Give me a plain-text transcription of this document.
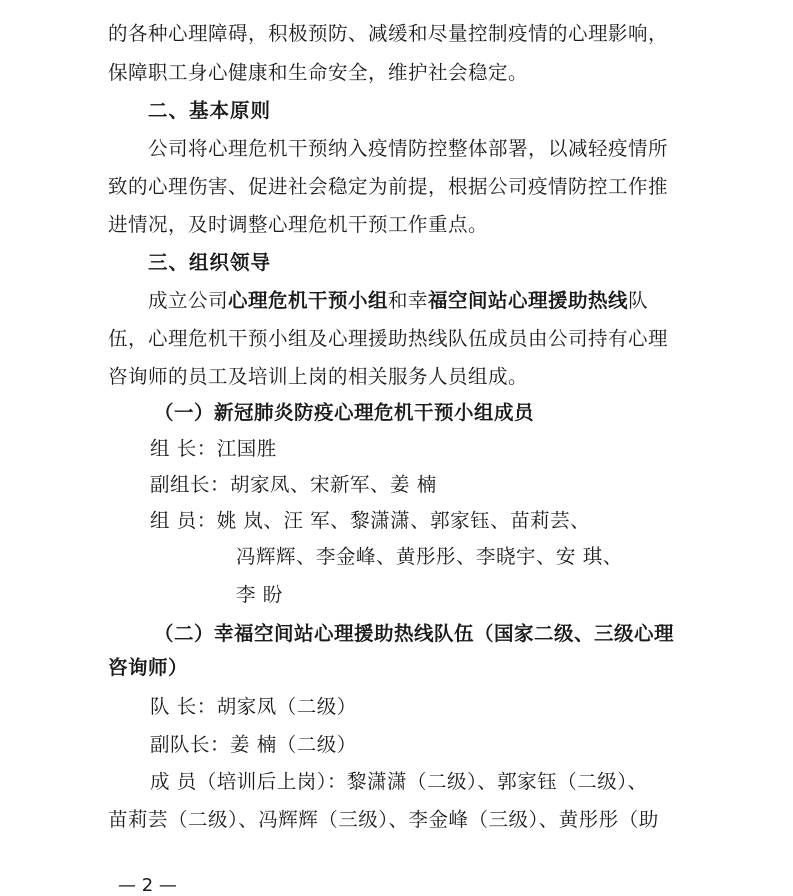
的各种心理障碍，积极预防、减缓和尽量控制疫情的心理影响，
保障职工身心健康和生命安全，维护社会稳定。
二、基本原则
公司将心理危机干预纳入疫情防控整体部署，以减轻疫情所
致的心理伤害、促进社会稳定为前提，根据公司疫情防控工作推
进情况，及时调整心理危机干预工作重点。
三、组织领导
成立公司心理危机干预小组和幸福空间站心理援助热线队
伍，心理危机干预小组及心理援助热线队伍成员由公司持有心理
咨询师的员工及培训上岗的相关服务人员组成。
（一）新冠肺炎防疫心理危机干预小组成员
组 长：江国胜
副组长：胡家凤、宋新军、姜 楠
组 员：姚 岚、汪 军、黎潇潇、郭家钰、苗莉芸、
冯辉辉、李金峰、黄彤彤、李晓宇、安 琪、
李 盼
（二）幸福空间站心理援助热线队伍（国家二级、三级心理
咨询师）
队 长：胡家凤（二级）
副队长：姜 楠（二级）
成 员（培训后上岗）：黎潇潇（二级）、郭家钰（二级）、
苗莉芸（二级）、冯辉辉（三级）、李金峰（三级）、黄彤彤（助
— 2 —
